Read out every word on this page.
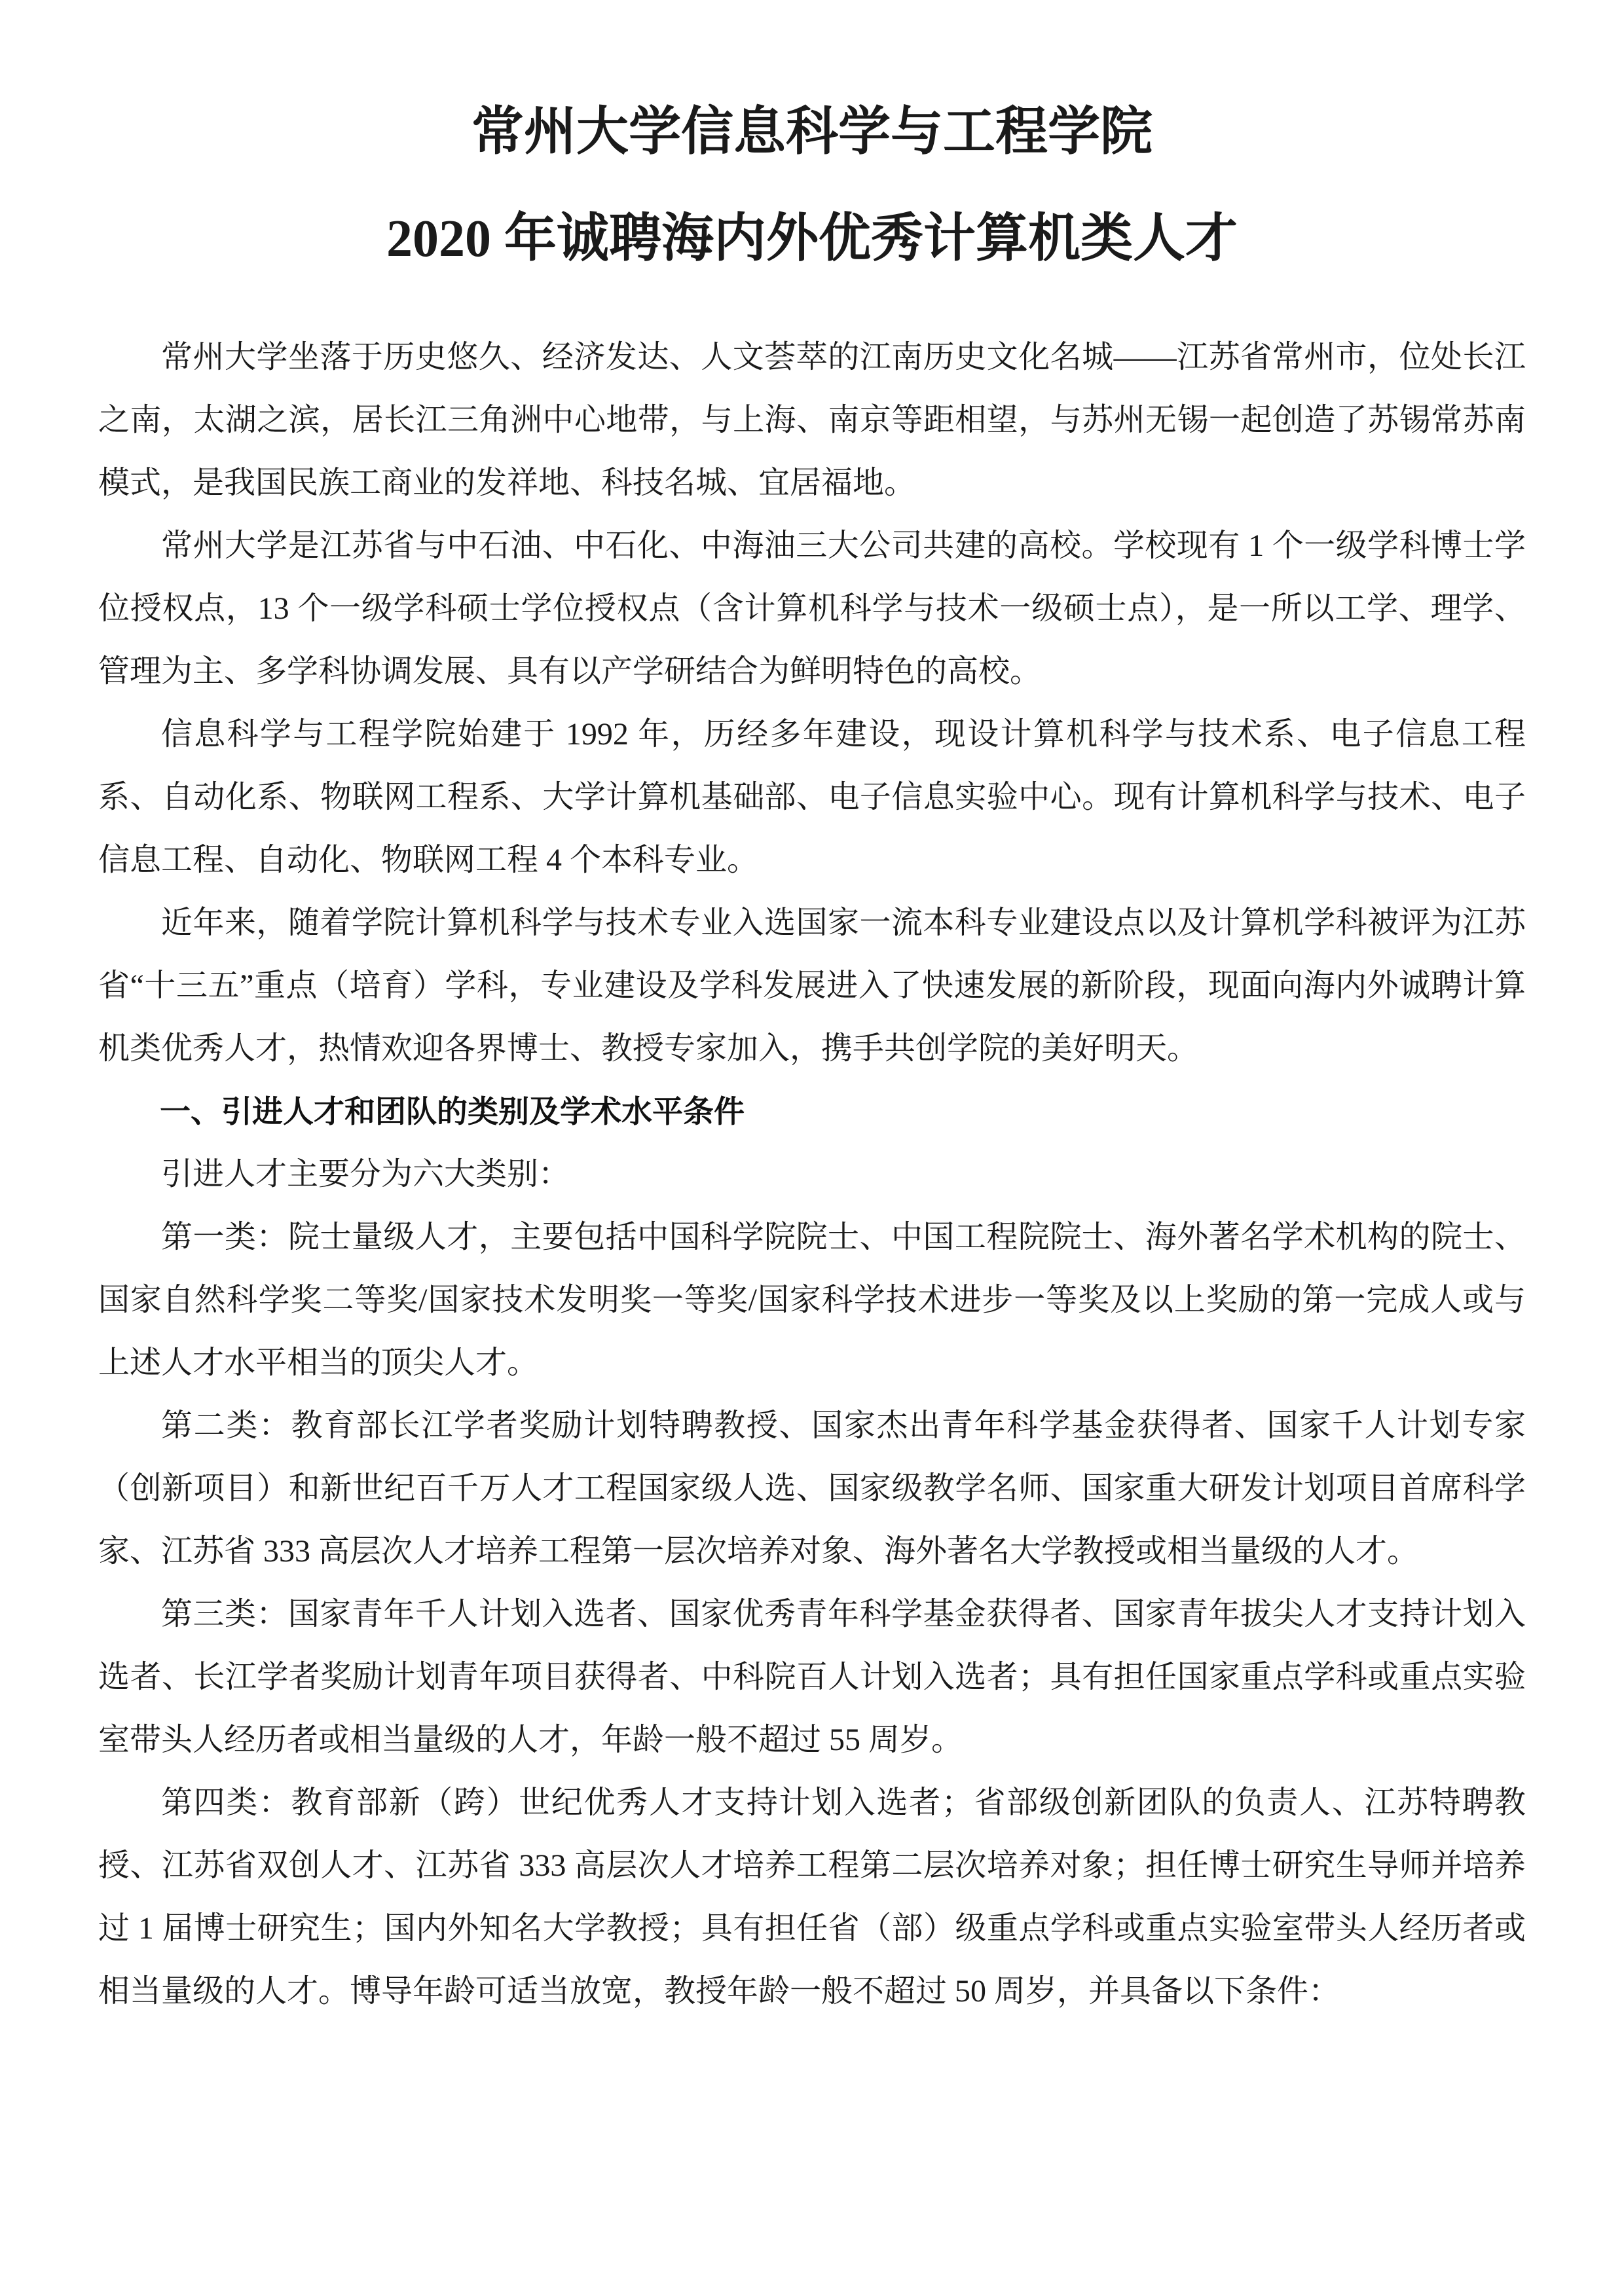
常州大学信息科学与工程学院
2020 年诚聘海内外优秀计算机类人才

常州大学坐落于历史悠久、经济发达、人文荟萃的江南历史文化名城——江苏省常州市，位处长江之南，太湖之滨，居长江三角洲中心地带，与上海、南京等距相望，与苏州无锡一起创造了苏锡常苏南模式，是我国民族工商业的发祥地、科技名城、宜居福地。

常州大学是江苏省与中石油、中石化、中海油三大公司共建的高校。学校现有 1 个一级学科博士学位授权点，13 个一级学科硕士学位授权点（含计算机科学与技术一级硕士点），是一所以工学、理学、管理为主、多学科协调发展、具有以产学研结合为鲜明特色的高校。

信息科学与工程学院始建于 1992 年，历经多年建设，现设计算机科学与技术系、电子信息工程系、自动化系、物联网工程系、大学计算机基础部、电子信息实验中心。现有计算机科学与技术、电子信息工程、自动化、物联网工程 4 个本科专业。

近年来，随着学院计算机科学与技术专业入选国家一流本科专业建设点以及计算机学科被评为江苏省“十三五”重点（培育）学科，专业建设及学科发展进入了快速发展的新阶段，现面向海内外诚聘计算机类优秀人才，热情欢迎各界博士、教授专家加入，携手共创学院的美好明天。

一、引进人才和团队的类别及学术水平条件

引进人才主要分为六大类别：

第一类：院士量级人才，主要包括中国科学院院士、中国工程院院士、海外著名学术机构的院士、国家自然科学奖二等奖/国家技术发明奖一等奖/国家科学技术进步一等奖及以上奖励的第一完成人或与上述人才水平相当的顶尖人才。

第二类：教育部长江学者奖励计划特聘教授、国家杰出青年科学基金获得者、国家千人计划专家（创新项目）和新世纪百千万人才工程国家级人选、国家级教学名师、国家重大研发计划项目首席科学家、江苏省 333 高层次人才培养工程第一层次培养对象、海外著名大学教授或相当量级的人才。

第三类：国家青年千人计划入选者、国家优秀青年科学基金获得者、国家青年拔尖人才支持计划入选者、长江学者奖励计划青年项目获得者、中科院百人计划入选者；具有担任国家重点学科或重点实验室带头人经历者或相当量级的人才，年龄一般不超过 55 周岁。

第四类：教育部新（跨）世纪优秀人才支持计划入选者；省部级创新团队的负责人、江苏特聘教授、江苏省双创人才、江苏省 333 高层次人才培养工程第二层次培养对象；担任博士研究生导师并培养过 1 届博士研究生；国内外知名大学教授；具有担任省（部）级重点学科或重点实验室带头人经历者或相当量级的人才。博导年龄可适当放宽，教授年龄一般不超过 50 周岁，并具备以下条件：
